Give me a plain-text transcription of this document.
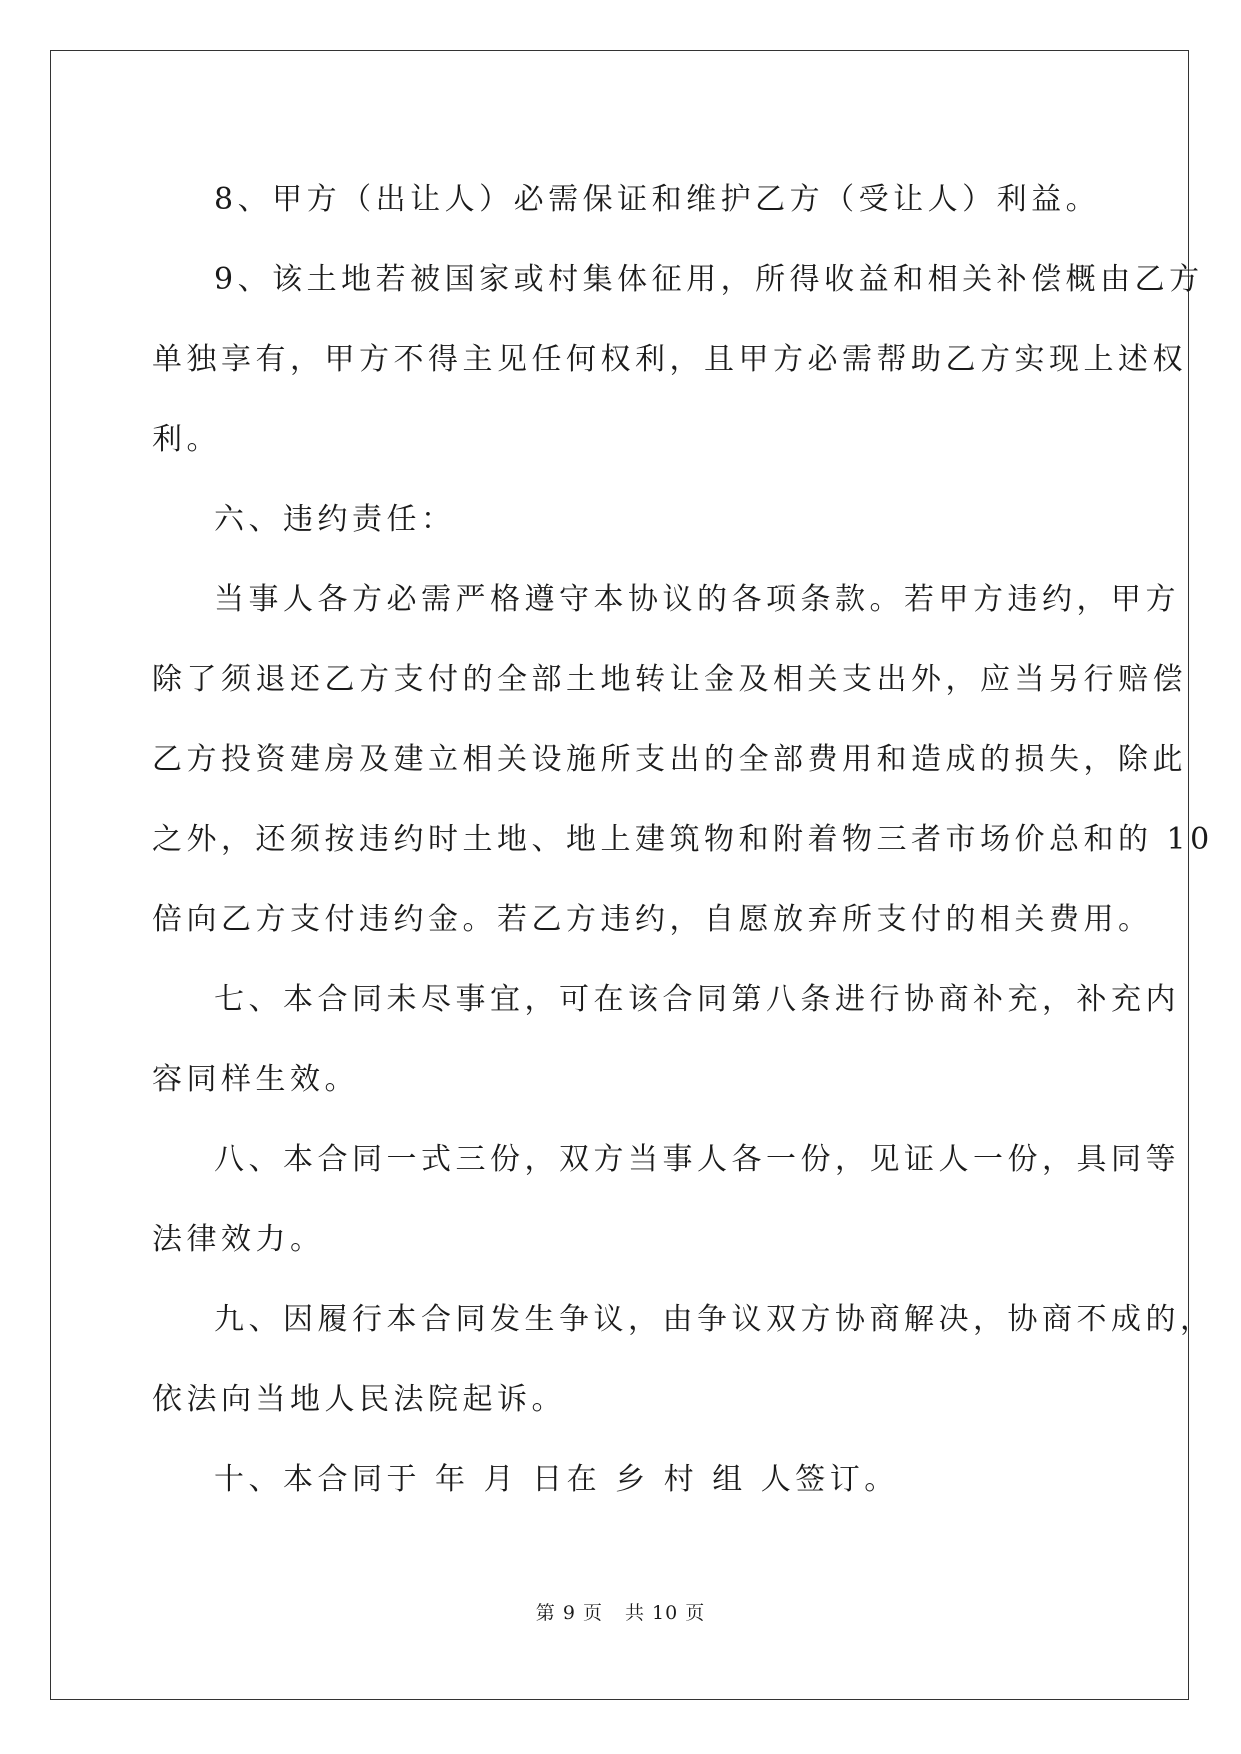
8、甲方（出让人）必需保证和维护乙方（受让人）利益。

9、该土地若被国家或村集体征用，所得收益和相关补偿概由乙方
单独享有，甲方不得主见任何权利，且甲方必需帮助乙方实现上述权
利。

六、违约责任：

当事人各方必需严格遵守本协议的各项条款。若甲方违约，甲方
除了须退还乙方支付的全部土地转让金及相关支出外，应当另行赔偿
乙方投资建房及建立相关设施所支出的全部费用和造成的损失，除此
之外，还须按违约时土地、地上建筑物和附着物三者市场价总和的 10
倍向乙方支付违约金。若乙方违约，自愿放弃所支付的相关费用。

七、本合同未尽事宜，可在该合同第八条进行协商补充，补充内
容同样生效。

八、本合同一式三份，双方当事人各一份，见证人一份，具同等
法律效力。

九、因履行本合同发生争议，由争议双方协商解决，协商不成的，
依法向当地人民法院起诉。

十、本合同于 年 月 日在 乡 村 组 人签订。

第 9 页 共 10 页
